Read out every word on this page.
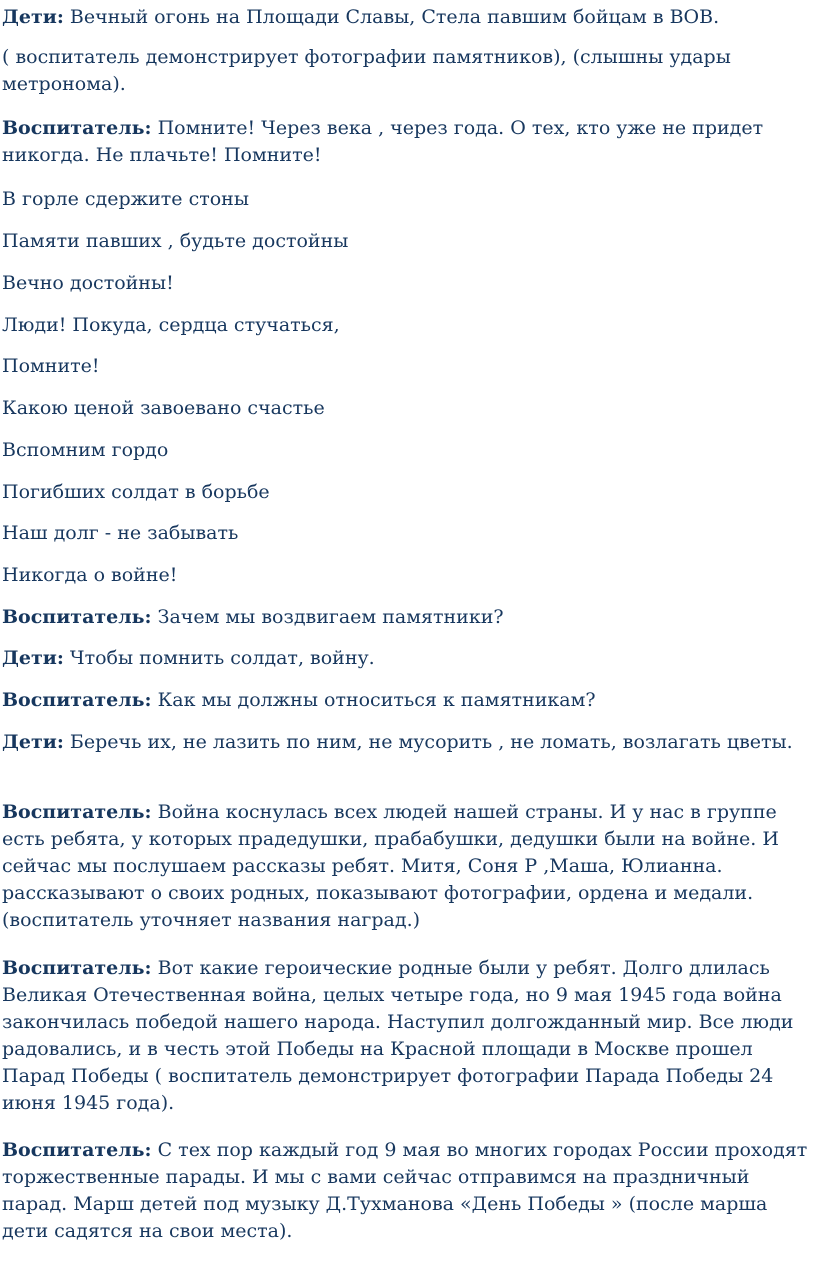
Дети: Вечный огонь на Площади Славы, Стела павшим бойцам в ВОВ.

( воспитатель демонстрирует фотографии памятников), (слышны удары метронома).

Воспитатель: Помните! Через века , через года. О тех, кто уже не придет никогда. Не плачьте! Помните!

В горле сдержите стоны

Памяти павших , будьте достойны

Вечно достойны!

Люди! Покуда, сердца стучаться,

Помните!

Какою ценой завоевано счастье

Вспомним гордо

Погибших солдат в борьбе

Наш долг - не забывать

Никогда о войне!

Воспитатель: Зачем мы воздвигаем памятники?

Дети: Чтобы помнить солдат, войну.

Воспитатель: Как мы должны относиться к памятникам?

Дети: Беречь их, не лазить по ним, не мусорить , не ломать, возлагать цветы.

Воспитатель: Война коснулась всех людей нашей страны. И у нас в группе есть ребята, у которых прадедушки, прабабушки, дедушки были на войне. И сейчас мы послушаем рассказы ребят. Митя, Соня Р ,Маша, Юлианна. рассказывают о своих родных, показывают фотографии, ордена и медали. (воспитатель уточняет названия наград.)

Воспитатель: Вот какие героические родные были у ребят. Долго длилась Великая Отечественная война, целых четыре года, но 9 мая 1945 года война закончилась победой нашего народа. Наступил долгожданный мир. Все люди радовались, и в честь этой Победы на Красной площади в Москве прошел Парад Победы ( воспитатель демонстрирует фотографии Парада Победы 24 июня 1945 года).

Воспитатель: С тех пор каждый год 9 мая во многих городах России проходят торжественные парады. И мы с вами сейчас отправимся на праздничный парад. Марш детей под музыку Д.Тухманова «День Победы » (после марша дети садятся на свои места).
